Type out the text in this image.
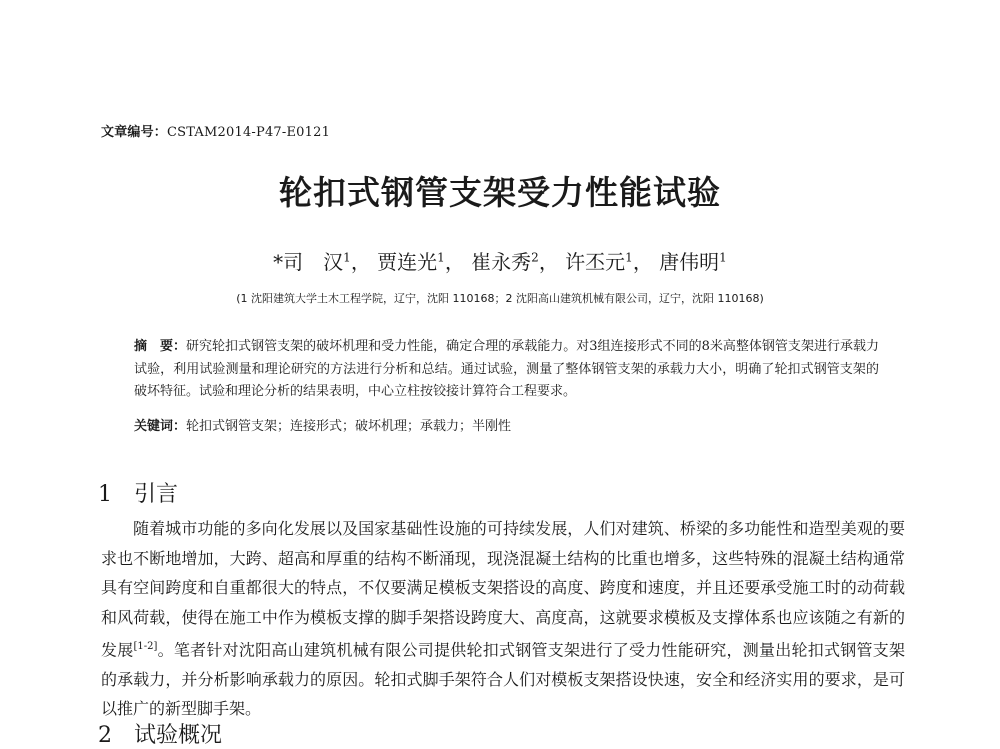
文章编号：CSTAM2014-P47-E0121
轮扣式钢管支架受力性能试验
*司　汉$^1$， 贾连光$^1$， 崔永秀$^2$， 许丕元$^1$， 唐伟明$^1$
(1 沈阳建筑大学土木工程学院，辽宁，沈阳 110168；2 沈阳高山建筑机械有限公司，辽宁，沈阳 110168)
摘　要：研究轮扣式钢管支架的破坏机理和受力性能，确定合理的承载能力。对3组连接形式不同的8米高整体钢管支架进行承载力试验，利用试验测量和理论研究的方法进行分析和总结。通过试验，测量了整体钢管支架的承载力大小，明确了轮扣式钢管支架的破坏特征。试验和理论分析的结果表明，中心立柱按铰接计算符合工程要求。
关键词：轮扣式钢管支架；连接形式；破坏机理；承载力；半刚性
1 引言
随着城市功能的多向化发展以及国家基础性设施的可持续发展，人们对建筑、桥梁的多功能性和造型美观的要求也不断地增加，大跨、超高和厚重的结构不断涌现，现浇混凝土结构的比重也增多，这些特殊的混凝土结构通常具有空间跨度和自重都很大的特点，不仅要满足模板支架搭设的高度、跨度和速度，并且还要承受施工时的动荷载和风荷载，使得在施工中作为模板支撑的脚手架搭设跨度大、高度高，这就要求模板及支撑体系也应该随之有新的发展[1-2]。笔者针对沈阳高山建筑机械有限公司提供轮扣式钢管支架进行了受力性能研究，测量出轮扣式钢管支架的承载力，并分析影响承载力的原因。轮扣式脚手架符合人们对模板支架搭设快速，安全和经济实用的要求，是可以推广的新型脚手架。
2 试验概况
